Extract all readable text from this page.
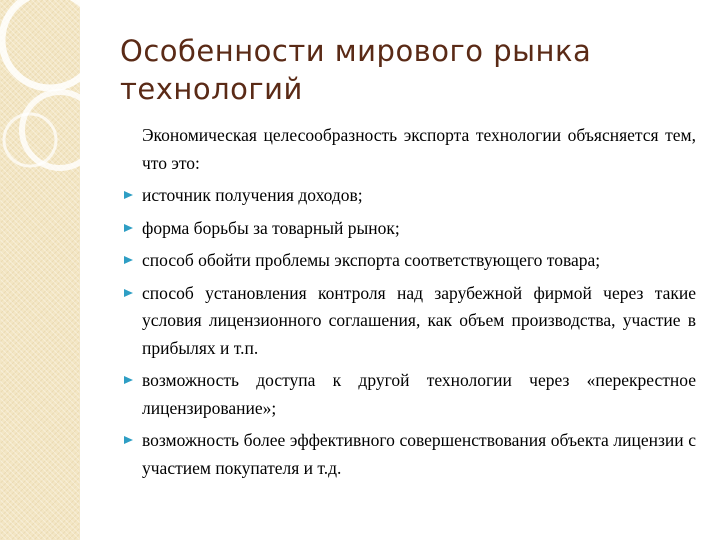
Особенности мирового рынка
технологий

Экономическая целесообразность экспорта технологии объясняется тем, что это:

источник получения доходов;
форма борьбы за товарный рынок;
способ обойти проблемы экспорта соответствующего товара;
способ установления контроля над зарубежной фирмой через такие условия лицензионного соглашения, как объем производства, участие в прибылях и т.п.
возможность доступа к другой технологии через «перекрестное лицензирование»;
возможность более эффективного совершенствования объекта лицензии с участием покупателя и т.д.
